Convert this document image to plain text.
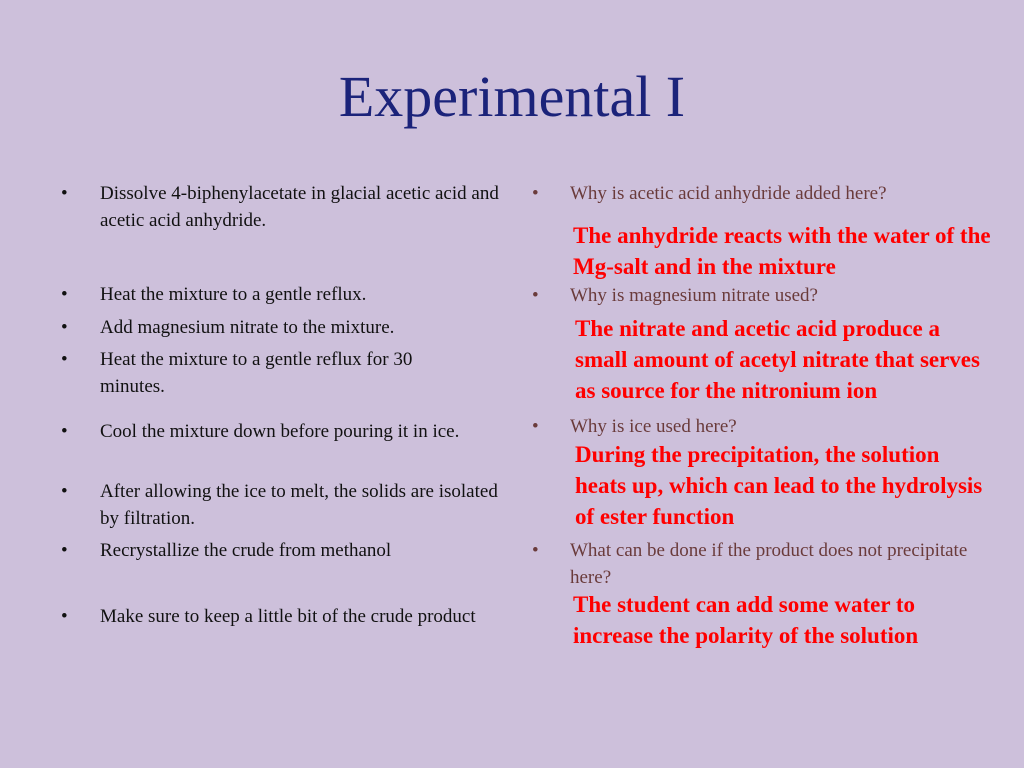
Experimental I
• Dissolve 4-biphenylacetate in glacial acetic acid and acetic acid anhydride.
• Heat the mixture to a gentle reflux.
• Add magnesium nitrate to the mixture.
• Heat the mixture to a gentle reflux for 30 minutes.
• Cool the mixture down before pouring it in ice.
• After allowing the ice to melt, the solids are isolated by filtration.
• Recrystallize the crude from methanol
• Make sure to keep a little bit of the crude product
• Why is acetic acid anhydride added here?
The anhydride reacts with the water of the Mg-salt and in the mixture
• Why is magnesium nitrate used?
The nitrate and acetic acid produce a small amount of acetyl nitrate that serves as source for the nitronium ion
• Why is ice used here?
During the precipitation, the solution heats up, which can lead to the hydrolysis of ester function
• What can be done if the product does not precipitate here?
The student can add some water to increase the polarity of the solution
